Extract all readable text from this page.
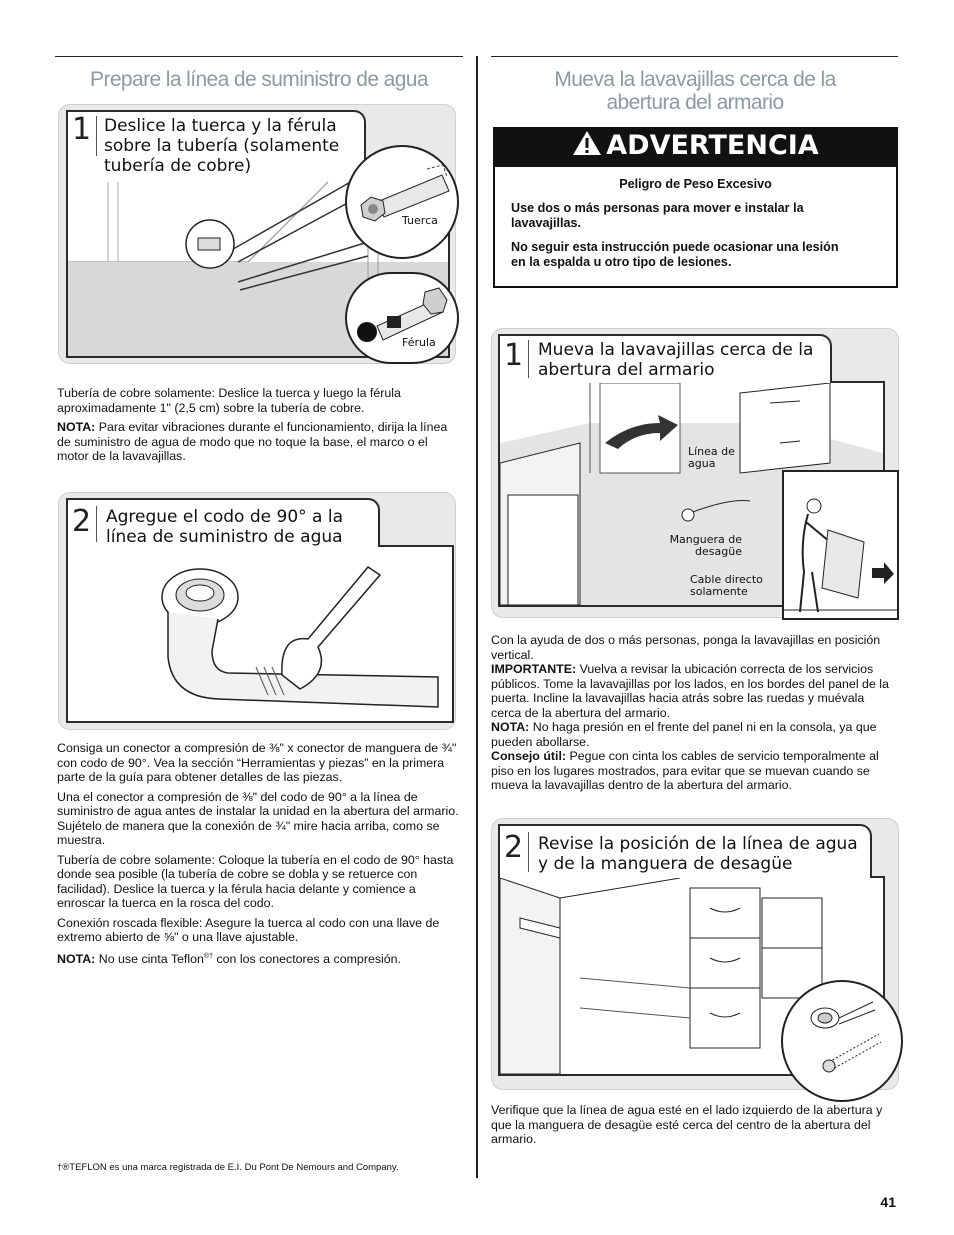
Prepare la línea de suministro de agua
1 Deslice la tuerca y la férula sobre la tubería (solamente tubería de cobre)
Tuerca
Férula

Tubería de cobre solamente: Deslice la tuerca y luego la férula aproximadamente 1" (2,5 cm) sobre la tubería de cobre.

NOTA: Para evitar vibraciones durante el funcionamiento, dirija la línea de suministro de agua de modo que no toque la base, el marco o el motor de la lavavajillas.

2 Agregue el codo de 90° a la línea de suministro de agua

Consiga un conector a compresión de ⅜" x conector de manguera de ¾" con codo de 90°. Vea la sección “Herramientas y piezas” en la primera parte de la guía para obtener detalles de las piezas.

Una el conector a compresión de ⅜" del codo de 90° a la línea de suministro de agua antes de instalar la unidad en la abertura del armario. Sujételo de manera que la conexión de ¾" mire hacia arriba, como se muestra.

Tubería de cobre solamente: Coloque la tubería en el codo de 90° hasta donde sea posible (la tubería de cobre se dobla y se retuerce con facilidad). Deslice la tuerca y la férula hacia delante y comience a enroscar la tuerca en la rosca del codo.

Conexión roscada flexible: Asegure la tuerca al codo con una llave de extremo abierto de ⅝" o una llave ajustable.

NOTA: No use cinta Teflon®† con los conectores a compresión.

†®TEFLON es una marca registrada de E.I. Du Pont De Nemours and Company.
Mueva la lavavajillas cerca de la abertura del armario
ADVERTENCIA
Peligro de Peso Excesivo
Use dos o más personas para mover e instalar la lavavajillas.
No seguir esta instrucción puede ocasionar una lesión en la espalda u otro tipo de lesiones.
1 Mueva la lavavajillas cerca de la abertura del armario
Línea de agua
Manguera de desagüe
Cable directo solamente

Con la ayuda de dos o más personas, ponga la lavavajillas en posición vertical.

IMPORTANTE: Vuelva a revisar la ubicación correcta de los servicios públicos. Tome la lavavajillas por los lados, en los bordes del panel de la puerta. Incline la lavavajillas hacia atrás sobre las ruedas y muévala cerca de la abertura del armario.

NOTA: No haga presión en el frente del panel ni en la consola, ya que pueden abollarse.

Consejo útil: Pegue con cinta los cables de servicio temporalmente al piso en los lugares mostrados, para evitar que se muevan cuando se mueva la lavavajillas dentro de la abertura del armario.

2 Revise la posición de la línea de agua y de la manguera de desagüe

Verifique que la línea de agua esté en el lado izquierdo de la abertura y que la manguera de desagüe esté cerca del centro de la abertura del armario.

41
